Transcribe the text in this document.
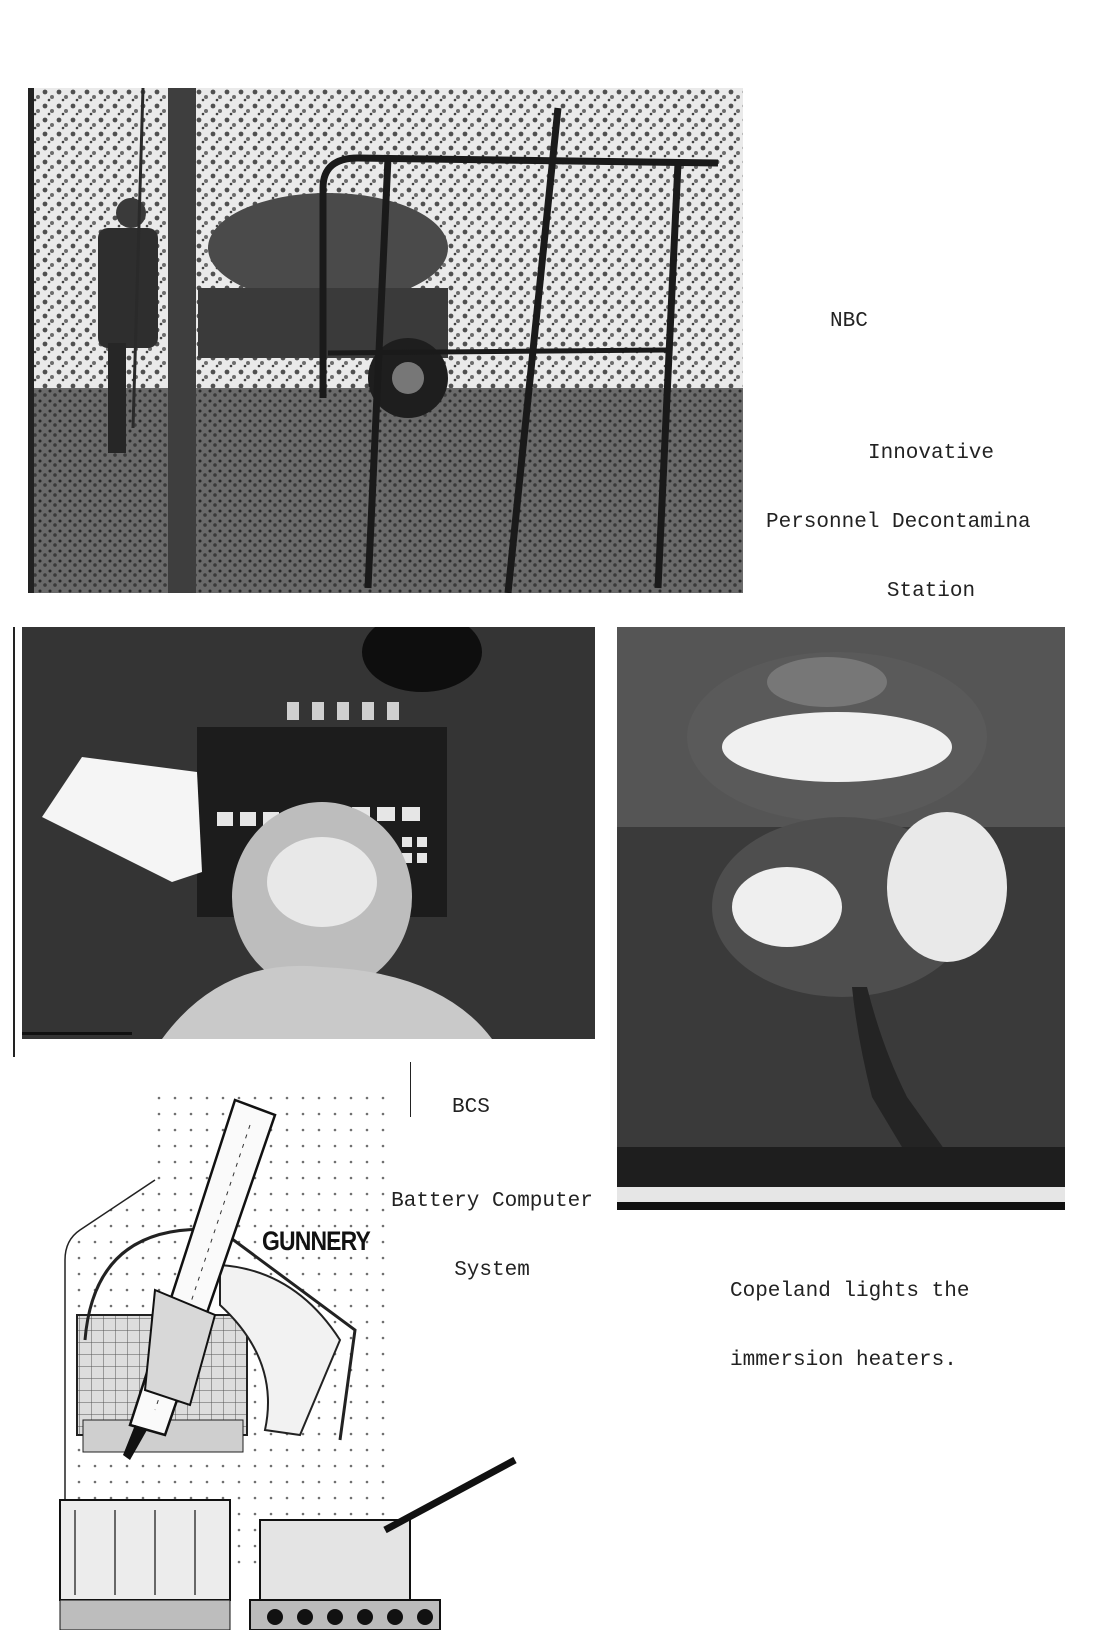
NBC

Innovative

Personnel Decontamina

Station

Copeland lights the

immersion heaters.

BCS

Battery Computer

System

GUNNERY
